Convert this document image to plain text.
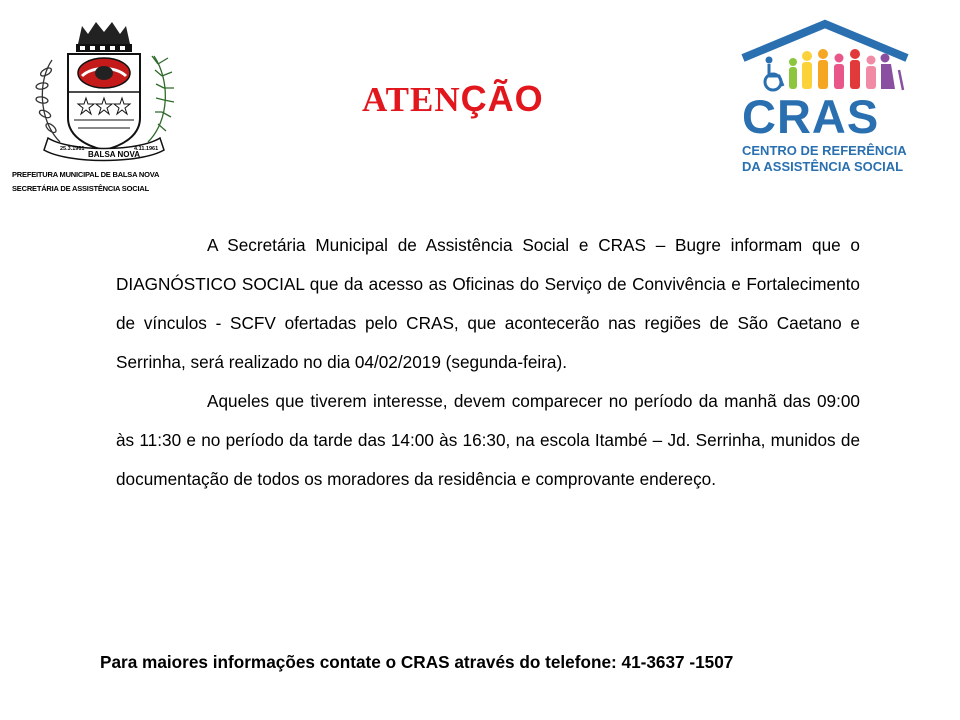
25.3.1961
BALSA NOVA
4.11.1961
PREFEITURA MUNICIPAL DE BALSA NOVA
SECRETÁRIA DE ASSISTÊNCIA SOCIAL
ATENÇÃO	CRAS
CENTRO DE REFERÊNCIA
DA ASSISTÊNCIA SOCIAL

A Secretária Municipal de Assistência Social e CRAS – Bugre informam que o DIAGNÓSTICO SOCIAL que da acesso as Oficinas do Serviço de Convivência e Fortalecimento de vínculos - SCFV ofertadas pelo CRAS, que acontecerão nas regiões de São Caetano e Serrinha, será realizado no dia 04/02/2019 (segunda-feira).

Aqueles que tiverem interesse, devem comparecer no período da manhã das 09:00 às 11:30 e no período da tarde das 14:00 às 16:30, na escola Itambé – Jd. Serrinha, munidos de documentação de todos os moradores da residência e comprovante endereço.

Para maiores informações contate o CRAS através do telefone: 41-3637 -1507
